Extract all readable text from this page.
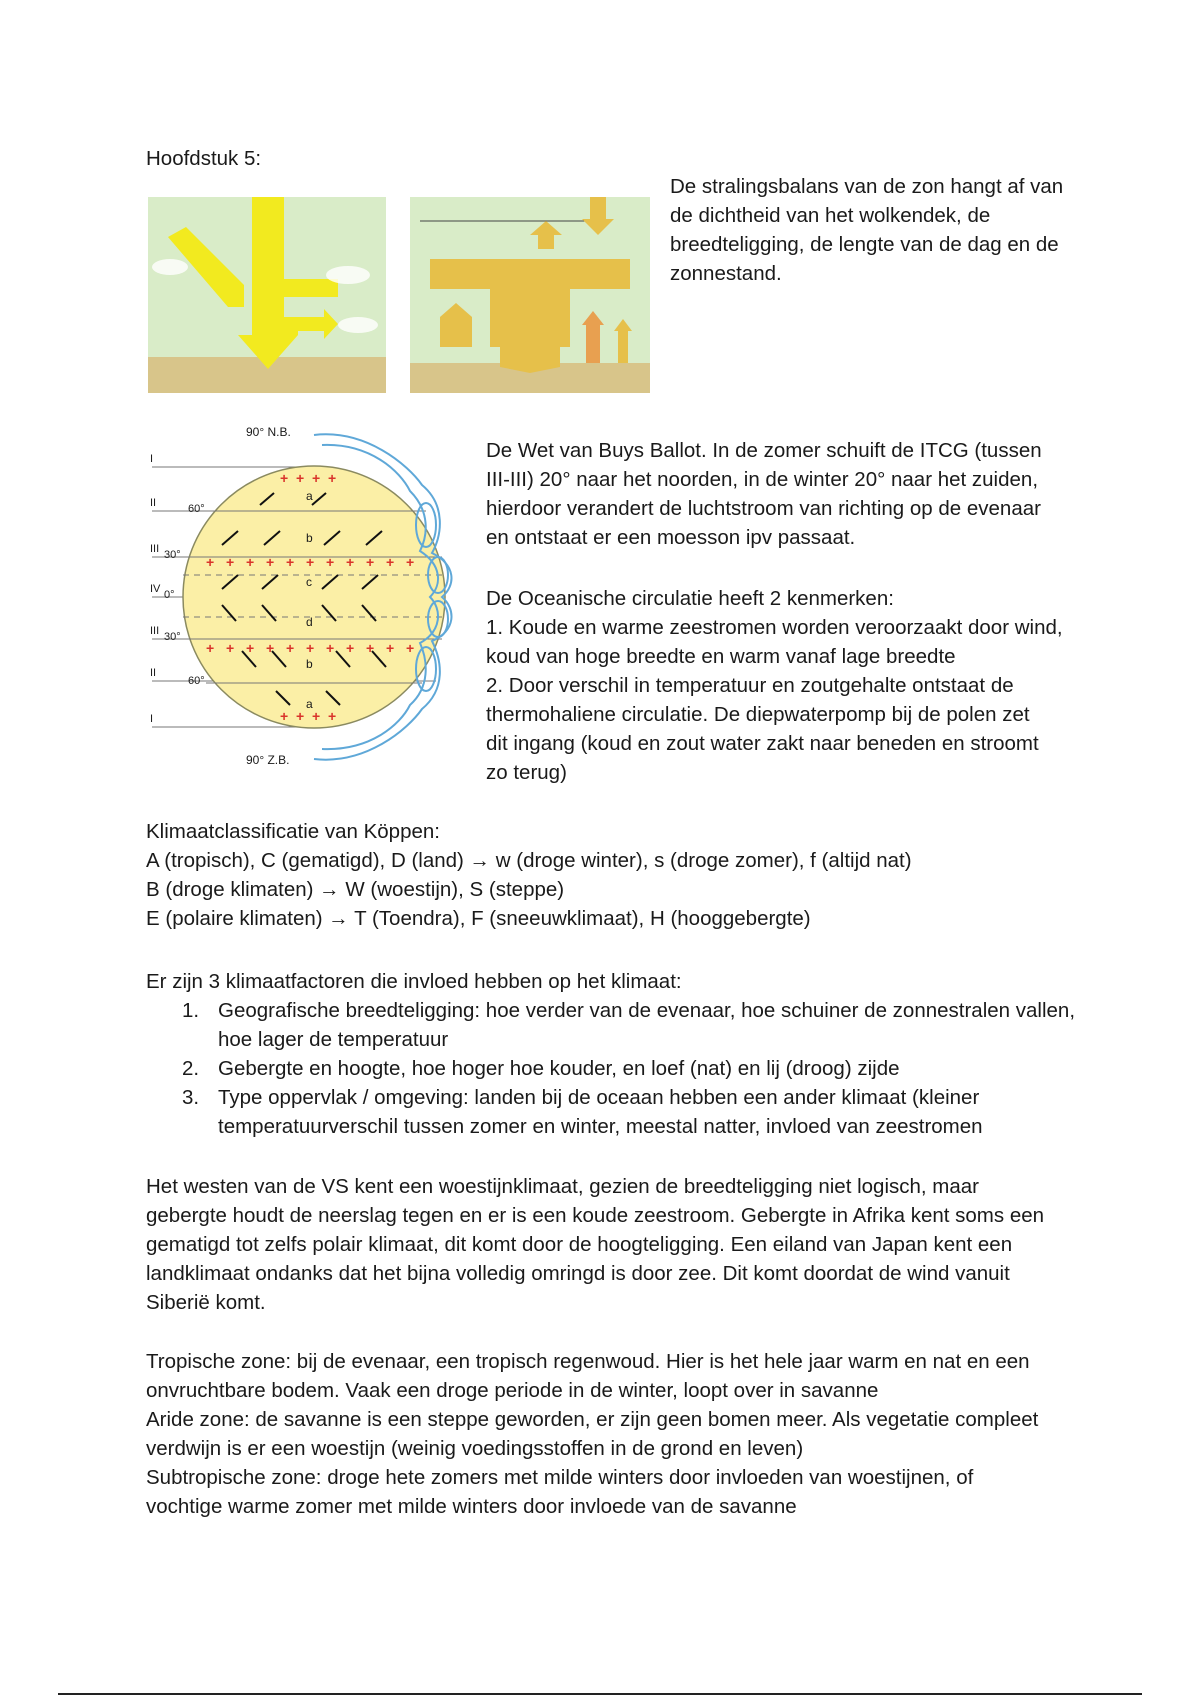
Hoofdstuk 5:

De stralingsbalans van de zon hangt af van de dichtheid van het wolkendek, de breedteligging, de lengte van de dag en de zonnestand.

+ + + +
+ + + + + + + + + + +
+ + + + + + + + + + +
+ + + +
90° N.B.
90° Z.B.
I
II
III
IV
III
II
I
60°
30°
0°
30°
60°
a
b
c
d
b
a

De Wet van Buys Ballot. In de zomer schuift de ITCG (tussen III-III) 20° naar het noorden, in de winter 20° naar het zuiden, hierdoor verandert de luchtstroom van richting op de evenaar en ontstaat er een moesson ipv passaat.

De Oceanische circulatie heeft 2 kenmerken:

1. Koude en warme zeestromen worden veroorzaakt door wind, koud van hoge breedte en warm vanaf lage breedte

2. Door verschil in temperatuur en zoutgehalte ontstaat de thermohaliene circulatie. De diepwaterpomp bij de polen zet dit ingang (koud en zout water zakt naar beneden en stroomt zo terug)

Klimaatclassificatie van Köppen:

A (tropisch), C (gematigd), D (land) → w (droge winter), s (droge zomer), f (altijd nat)

B (droge klimaten) → W (woestijn), S (steppe)

E (polaire klimaten) → T (Toendra), F (sneeuwklimaat), H (hooggebergte)

Er zijn 3 klimaatfactoren die invloed hebben op het klimaat:

1. Geografische breedteligging: hoe verder van de evenaar, hoe schuiner de zonnestralen vallen, hoe lager de temperatuur
2. Gebergte en hoogte, hoe hoger hoe kouder, en loef (nat) en lij (droog) zijde
3. Type oppervlak / omgeving: landen bij de oceaan hebben een ander klimaat (kleiner temperatuurverschil tussen zomer en winter, meestal natter, invloed van zeestromen

Het westen van de VS kent een woestijnklimaat, gezien de breedteligging niet logisch, maar gebergte houdt de neerslag tegen en er is een koude zeestroom. Gebergte in Afrika kent soms een gematigd tot zelfs polair klimaat, dit komt door de hoogteligging. Een eiland van Japan kent een landklimaat ondanks dat het bijna volledig omringd is door zee. Dit komt doordat de wind vanuit Siberië komt.

Tropische zone: bij de evenaar, een tropisch regenwoud. Hier is het hele jaar warm en nat en een onvruchtbare bodem. Vaak een droge periode in de winter, loopt over in savanne

Aride zone: de savanne is een steppe geworden, er zijn geen bomen meer. Als vegetatie compleet verdwijn is er een woestijn (weinig voedingsstoffen in de grond en leven)

Subtropische zone: droge hete zomers met milde winters door invloeden van woestijnen, of vochtige warme zomer met milde winters door invloede van de savanne
